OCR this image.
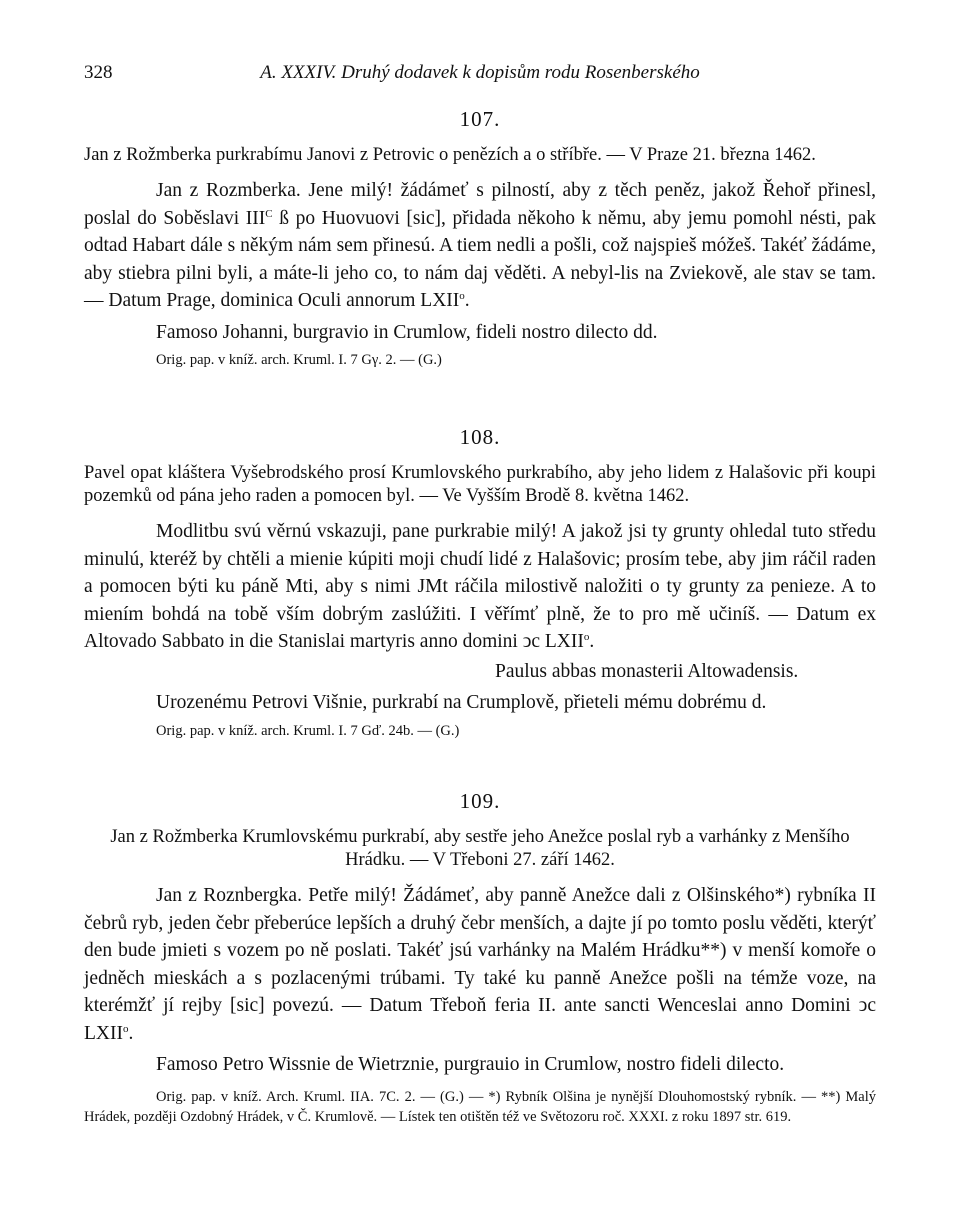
328	A. XXXIV. Druhý dodavek k dopisům rodu Rosenberského
107.
Jan z Rožmberka purkrabímu Janovi z Petrovic o penězích a o stříbře. — V Praze 21. března 1462.
Jan z Rozmberka. Jene milý! žádámeť s pilností, aby z těch peněz, jakož Řehoř přinesl, poslal do Soběslavi $III^C$ ß po Huovuovi [sic], přidada někoho k němu, aby jemu pomohl nésti, pak odtad Habart dále s někým nám sem přinesú. A tiem nedli a pošli, což najspieš móžeš. Takéť žádáme, aby stiebra pilni byli, a máte-li jeho co, to nám daj věděti. A nebyl-lis na Zviekově, ale stav se tam. — Datum Prage, dominica Oculi annorum LXII$^o$.
Famoso Johanni, burgravio in Crumlow, fideli nostro dilecto dd.
Orig. pap. v kníž. arch. Kruml. I. 7 Gγ. 2. — (G.)
108.
Pavel opat kláštera Vyšebrodského prosí Krumlovského purkrabího, aby jeho lidem z Halašovic při koupi pozemků od pána jeho raden a pomocen byl. — Ve Vyšším Brodě 8. května 1462.
Modlitbu svú věrnú vskazuji, pane purkrabie milý! A jakož jsi ty grunty ohledal tuto středu minulú, kteréž by chtěli a mienie kúpiti moji chudí lidé z Halašovic; prosím tebe, aby jim ráčil raden a pomocen býti ku páně Mti, aby s nimi JMt ráčila milostivě naložiti o ty grunty za penieze. A to miením bohdá na tobě vším dobrým zaslúžiti. I věřímť plně, že to pro mě učiníš. — Datum ex Altovado Sabbato in die Stanislai martyris anno domini ͻc LXII$^o$.
Paulus abbas monasterii Altowadensis.
Urozenému Petrovi Višnie, purkrabí na Crumplově, přieteli mému dobrému d.
Orig. pap. v kníž. arch. Kruml. I. 7 Gď. 24b. — (G.)
109.
Jan z Rožmberka Krumlovskému purkrabí, aby sestře jeho Anežce poslal ryb a varhánky z Menšího Hrádku. — V Třeboni 27. září 1462.
Jan z Roznbergka. Petře milý! Žádámeť, aby panně Anežce dali z Olšinského*) rybníka II čebrů ryb, jeden čebr přeberúce lepších a druhý čebr menších, a dajte jí po tomto poslu věděti, kterýť den bude jmieti s vozem po ně poslati. Takéť jsú varhánky na Malém Hrádku**) v menší komoře o jedněch mieskách a s pozlacenými trúbami. Ty také ku panně Anežce pošli na témže voze, na kterémžť jí rejby [sic] povezú. — Datum Třeboň feria II. ante sancti Wenceslai anno Domini ͻc LXII$^o$.
Famoso Petro Wissnie de Wietrznie, purgrauio in Crumlow, nostro fideli dilecto.
Orig. pap. v kníž. Arch. Kruml. IIA. 7C. 2. — (G.) — *) Rybník Olšina je nynější Dlouhomostský rybník. — **) Malý Hrádek, později Ozdobný Hrádek, v Č. Krumlově. — Lístek ten otištěn též ve Světozoru roč. XXXI. z roku 1897 str. 619.
